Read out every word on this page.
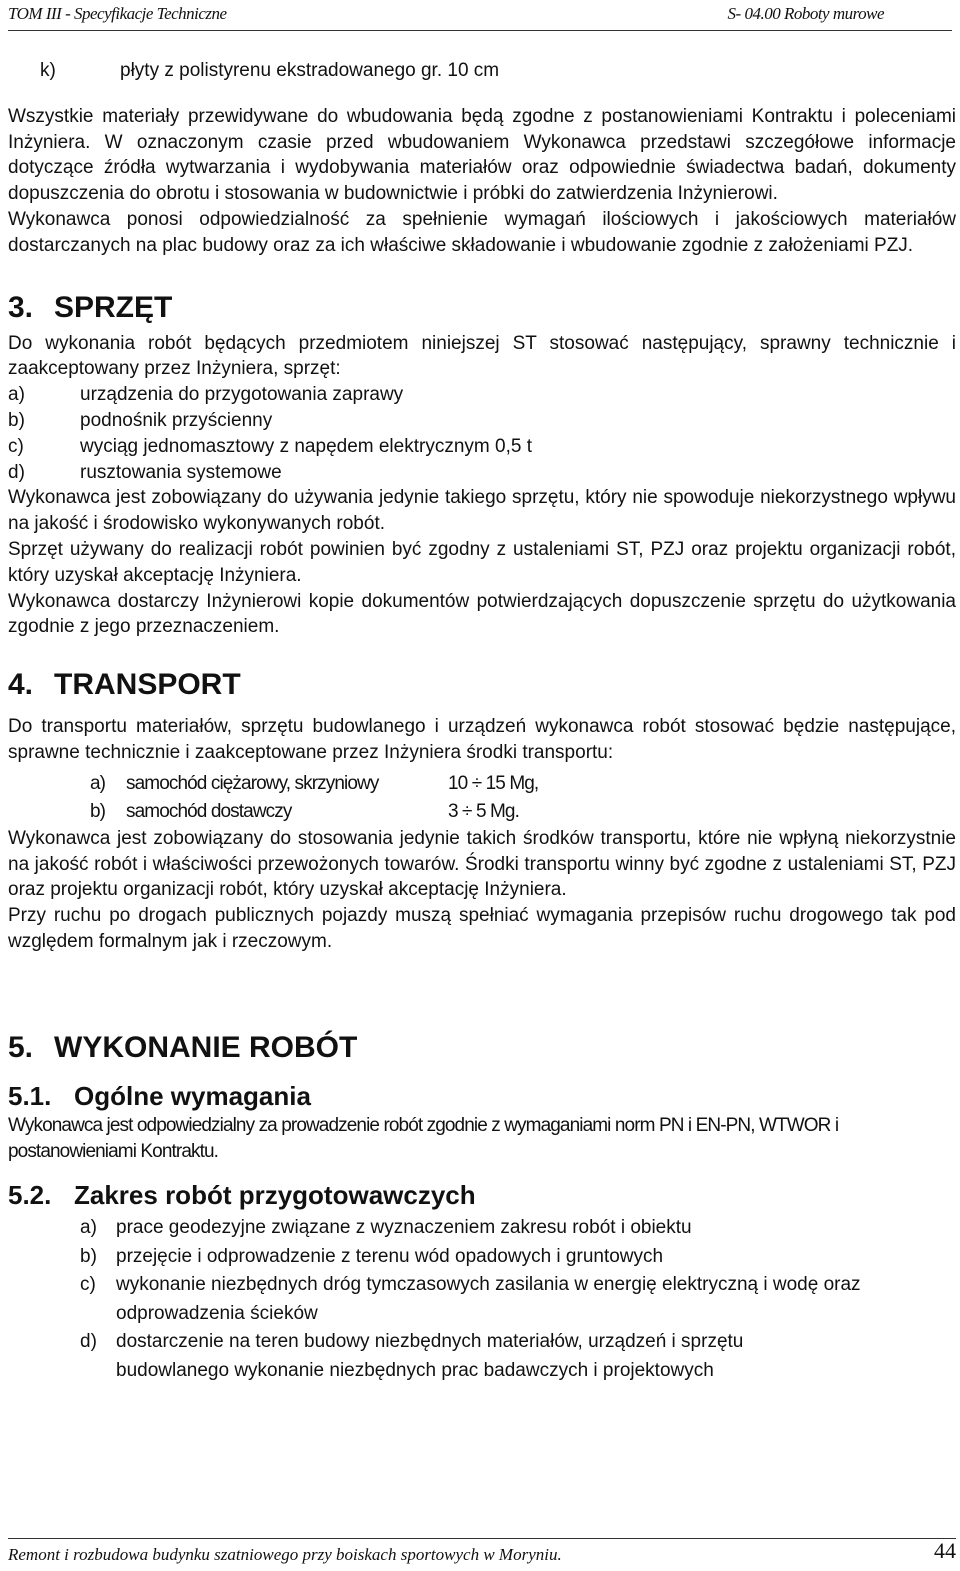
TOM III - Specyfikacje Techniczne	S- 04.00 Roboty murowe
k)	płyty z polistyrenu ekstradowanego gr. 10 cm

Wszystkie materiały przewidywane do wbudowania będą zgodne z postanowieniami Kontraktu i poleceniami Inżyniera. W oznaczonym czasie przed wbudowaniem Wykonawca przedstawi szczegółowe informacje dotyczące źródła wytwarzania i wydobywania materiałów oraz odpowiednie świadectwa badań, dokumenty dopuszczenia do obrotu i stosowania w budownictwie i próbki do zatwierdzenia Inżynierowi.

Wykonawca ponosi odpowiedzialność za spełnienie wymagań ilościowych i jakościowych materiałów dostarczanych na plac budowy oraz za ich właściwe składowanie i wbudowanie zgodnie z założeniami PZJ.

3. SPRZĘT

Do wykonania robót będących przedmiotem niniejszej ST stosować następujący, sprawny technicznie i zaakceptowany przez Inżyniera, sprzęt:

a)	urządzenia do przygotowania zaprawy
b)	podnośnik przyścienny
c)	wyciąg jednomasztowy z napędem elektrycznym 0,5 t
d)	rusztowania systemowe

Wykonawca jest zobowiązany do używania jedynie takiego sprzętu, który nie spowoduje niekorzystnego wpływu na jakość i środowisko wykonywanych robót.

Sprzęt używany do realizacji robót powinien być zgodny z ustaleniami ST, PZJ oraz projektu organizacji robót, który uzyskał akceptację Inżyniera.

Wykonawca dostarczy Inżynierowi kopie dokumentów potwierdzających dopuszczenie sprzętu do użytkowania zgodnie z jego przeznaczeniem.

4. TRANSPORT

Do transportu materiałów, sprzętu budowlanego i urządzeń wykonawca robót stosować będzie następujące, sprawne technicznie i zaakceptowane przez Inżyniera środki transportu:

a)	samochód ciężarowy, skrzyniowy	10 ÷ 15 Mg,
b)	samochód dostawczy	3 ÷ 5 Mg.

Wykonawca jest zobowiązany do stosowania jedynie takich środków transportu, które nie wpłyną niekorzystnie na jakość robót i właściwości przewożonych towarów. Środki transportu winny być zgodne z ustaleniami ST, PZJ oraz projektu organizacji robót, który uzyskał akceptację Inżyniera.

Przy ruchu po drogach publicznych pojazdy muszą spełniać wymagania przepisów ruchu drogowego tak pod względem formalnym jak i rzeczowym.

5. WYKONANIE ROBÓT
5.1. Ogólne wymagania

Wykonawca jest odpowiedzialny za prowadzenie robót zgodnie z wymaganiami norm PN i EN-PN, WTWOR i postanowieniami Kontraktu.

5.2. Zakres robót przygotowawczych
a)	prace geodezyjne związane z wyznaczeniem zakresu robót i obiektu
b)	przejęcie i odprowadzenie z terenu wód opadowych i gruntowych
c)	wykonanie niezbędnych dróg tymczasowych zasilania w energię elektryczną i wodę oraz odprowadzenia ścieków
d)	dostarczenie na teren budowy niezbędnych materiałów, urządzeń i sprzętu budowlanego wykonanie niezbędnych prac badawczych i projektowych
Remont i rozbudowa budynku szatniowego przy boiskach sportowych w Moryniu.	44
